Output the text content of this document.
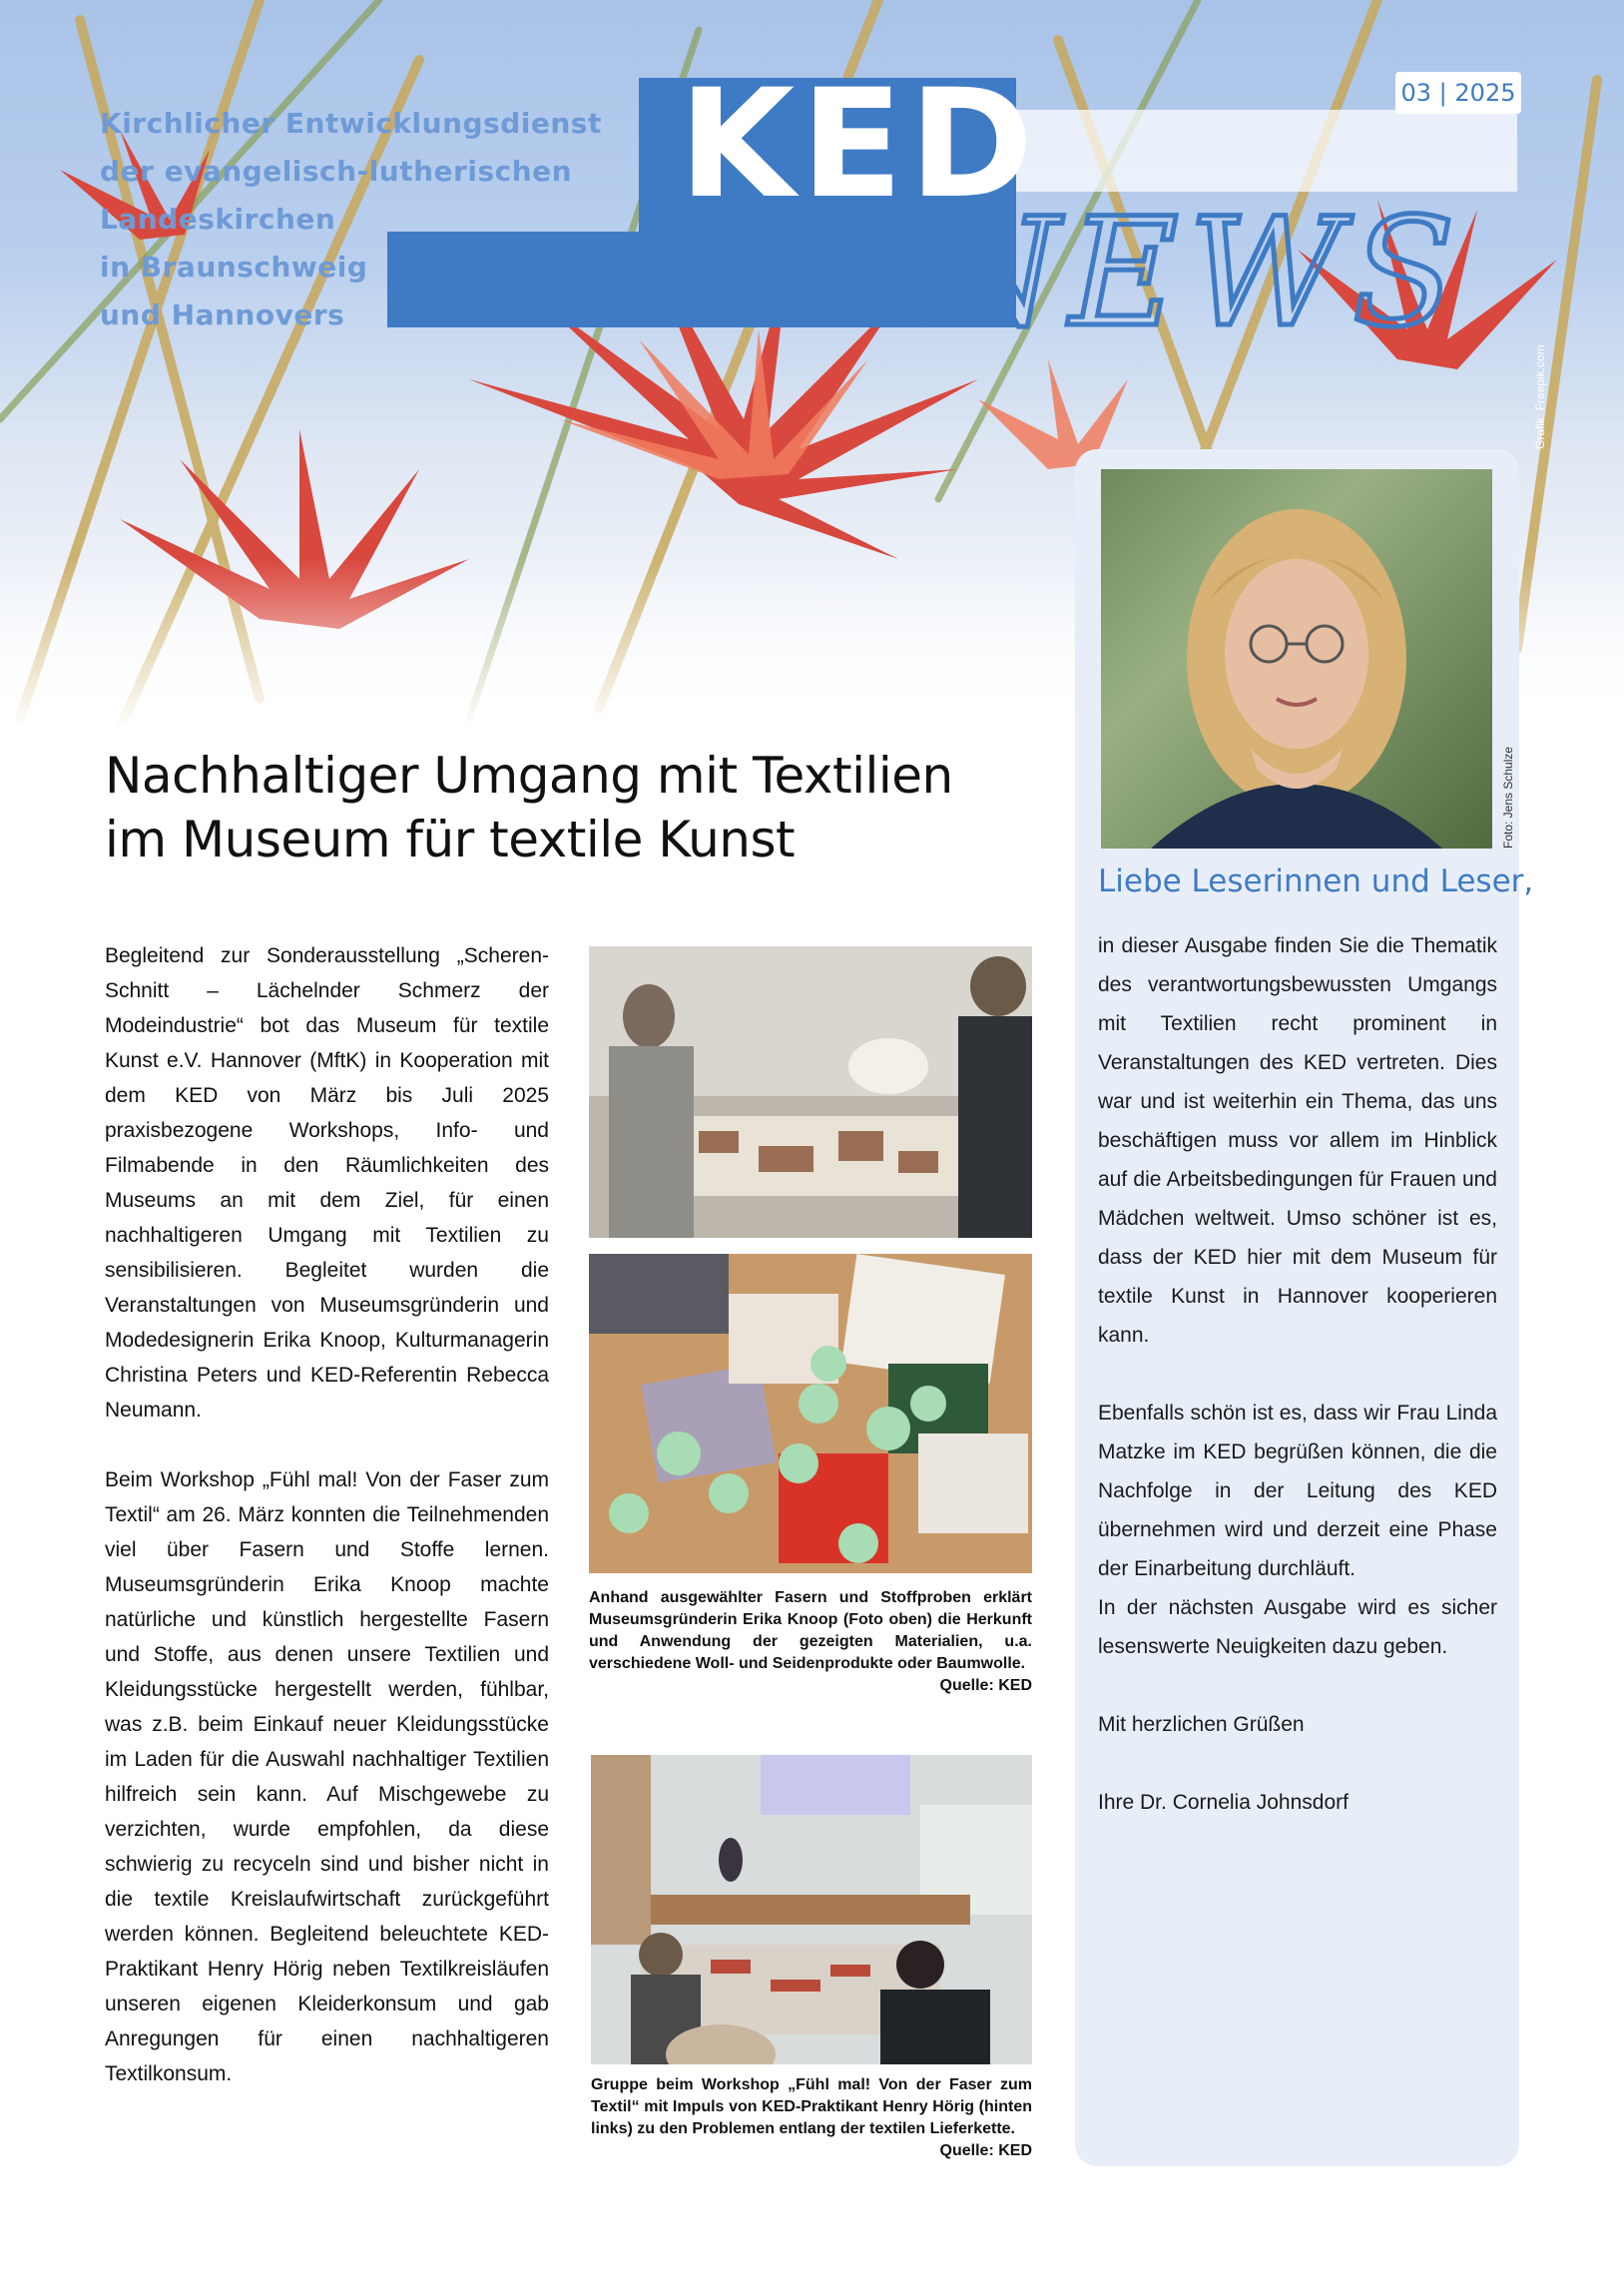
Kirchlicher Entwicklungsdienst
der evangelisch-lutherischen
Landeskirchen
in Braunschweig
und Hannovers
KED	03 | 2025
NEWS
Grafik: Freepik.com
Foto: Jens Schulze
Liebe Leserinnen und Leser,

in dieser Ausgabe finden Sie die Thematik des verantwortungsbewussten Umgangs mit Textilien recht prominent in Veranstaltungen des KED vertreten. Dies war und ist weiterhin ein Thema, das uns beschäftigen muss vor allem im Hinblick auf die Arbeitsbedingungen für Frauen und Mädchen weltweit. Umso schöner ist es, dass der KED hier mit dem Museum für textile Kunst in Hannover kooperieren kann.

Ebenfalls schön ist es, dass wir Frau Linda Matzke im KED begrüßen können, die die Nachfolge in der Leitung des KED übernehmen wird und derzeit eine Phase der Einarbeitung durchläuft.

In der nächsten Ausgabe wird es sicher lesenswerte Neuigkeiten dazu geben.

Mit herzlichen Grüßen

Ihre Dr. Cornelia Johnsdorf

Nachhaltiger Umgang mit Textilien
im Museum für textile Kunst

Begleitend zur Sonderausstellung „Scheren-Schnitt – Lächelnder Schmerz der Modeindustrie“ bot das Museum für textile Kunst e.V. Hannover (MftK) in Kooperation mit dem KED von März bis Juli 2025 praxisbezogene Workshops, Info- und Filmabende in den Räumlichkeiten des Museums an mit dem Ziel, für einen nachhaltigeren Umgang mit Textilien zu sensibilisieren. Begleitet wurden die Veranstaltungen von Museumsgründerin und Modedesignerin Erika Knoop, Kulturmanagerin Christina Peters und KED-Referentin Rebecca Neumann.

Beim Workshop „Fühl mal! Von der Faser zum Textil“ am 26. März konnten die Teilnehmenden viel über Fasern und Stoffe lernen. Museumsgründerin Erika Knoop machte natürliche und künstlich hergestellte Fasern und Stoffe, aus denen unsere Textilien und Kleidungsstücke hergestellt werden, fühlbar, was z.B. beim Einkauf neuer Kleidungsstücke im Laden für die Auswahl nachhaltiger Textilien hilfreich sein kann. Auf Mischgewebe zu verzichten, wurde empfohlen, da diese schwierig zu recyceln sind und bisher nicht in die textile Kreislaufwirtschaft zurückgeführt werden können. Begleitend beleuchtete KED-Praktikant Henry Hörig neben Textilkreisläufen unseren eigenen Kleiderkonsum und gab Anregungen für einen nachhaltigeren Textilkonsum.

Anhand ausgewählter Fasern und Stoffproben erklärt Museumsgründerin Erika Knoop (Foto oben) die Herkunft und Anwendung der gezeigten Materialien, u.a. verschiedene Woll- und Seidenprodukte oder Baumwolle.
Quelle: KED
Gruppe beim Workshop „Fühl mal! Von der Faser zum Textil“ mit Impuls von KED-Praktikant Henry Hörig (hinten links) zu den Problemen entlang der textilen Lieferkette.
Quelle: KED
